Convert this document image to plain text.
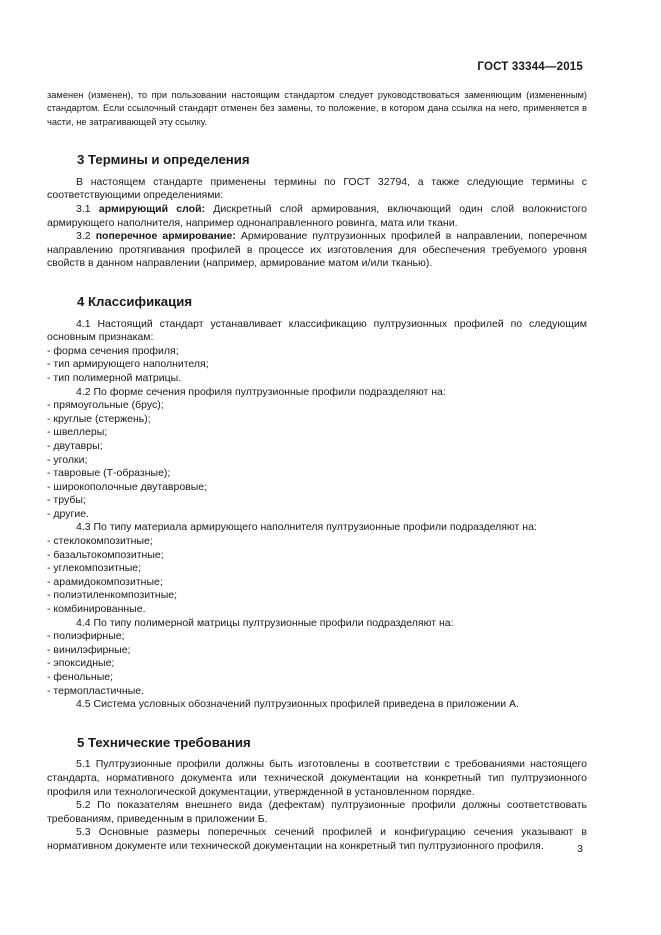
ГОСТ 33344—2015

заменен (изменен), то при пользовании настоящим стандартом следует руководствоваться заменяющим (измененным) стандартом. Если ссылочный стандарт отменен без замены, то положение, в котором дана ссылка на него, применяется в части, не затрагивающей эту ссылку.

3 Термины и определения

В настоящем стандарте применены термины по ГОСТ 32794, а также следующие термины с соответствующими определениями:

3.1 армирующий слой: Дискретный слой армирования, включающий один слой волокнистого армирующего наполнителя, например однонаправленного ровинга, мата или ткани.

3.2 поперечное армирование: Армирование пултрузионных профилей в направлении, поперечном направлению протягивания профилей в процессе их изготовления для обеспечения требуемого уровня свойств в данном направлении (например, армирование матом и/или тканью).

4 Классификация

4.1 Настоящий стандарт устанавливает классификацию пултрузионных профилей по следующим основным признакам:

- форма сечения профиля;

- тип армирующего наполнителя;

- тип полимерной матрицы.

4.2 По форме сечения профиля пултрузионные профили подразделяют на:

- прямоугольные (брус);

- круглые (стержень);

- швеллеры;

- двутавры;

- уголки;

- тавровые (Т-образные);

- широкополочные двутавровые;

- трубы;

- другие.

4.3 По типу материала армирующего наполнителя пултрузионные профили подразделяют на:

- стеклокомпозитные;

- базальтокомпозитные;

- углекомпозитные;

- арамидокомпозитные;

- полиэтиленкомпозитные;

- комбинированные.

4.4 По типу полимерной матрицы пултрузионные профили подразделяют на:

- полиэфирные;

- винилэфирные;

- эпоксидные;

- фенольные;

- термопластичные.

4.5 Система условных обозначений пултрузионных профилей приведена в приложении А.

5 Технические требования

5.1 Пултрузионные профили должны быть изготовлены в соответствии с требованиями настоящего стандарта, нормативного документа или технической документации на конкретный тип пултрузионного профиля или технологической документации, утвержденной в установленном порядке.

5.2 По показателям внешнего вида (дефектам) пултрузионные профили должны соответствовать требованиям, приведенным в приложении Б.

5.3 Основные размеры поперечных сечений профилей и конфигурацию сечения указывают в нормативном документе или технической документации на конкретный тип пултрузионного профиля.	3
